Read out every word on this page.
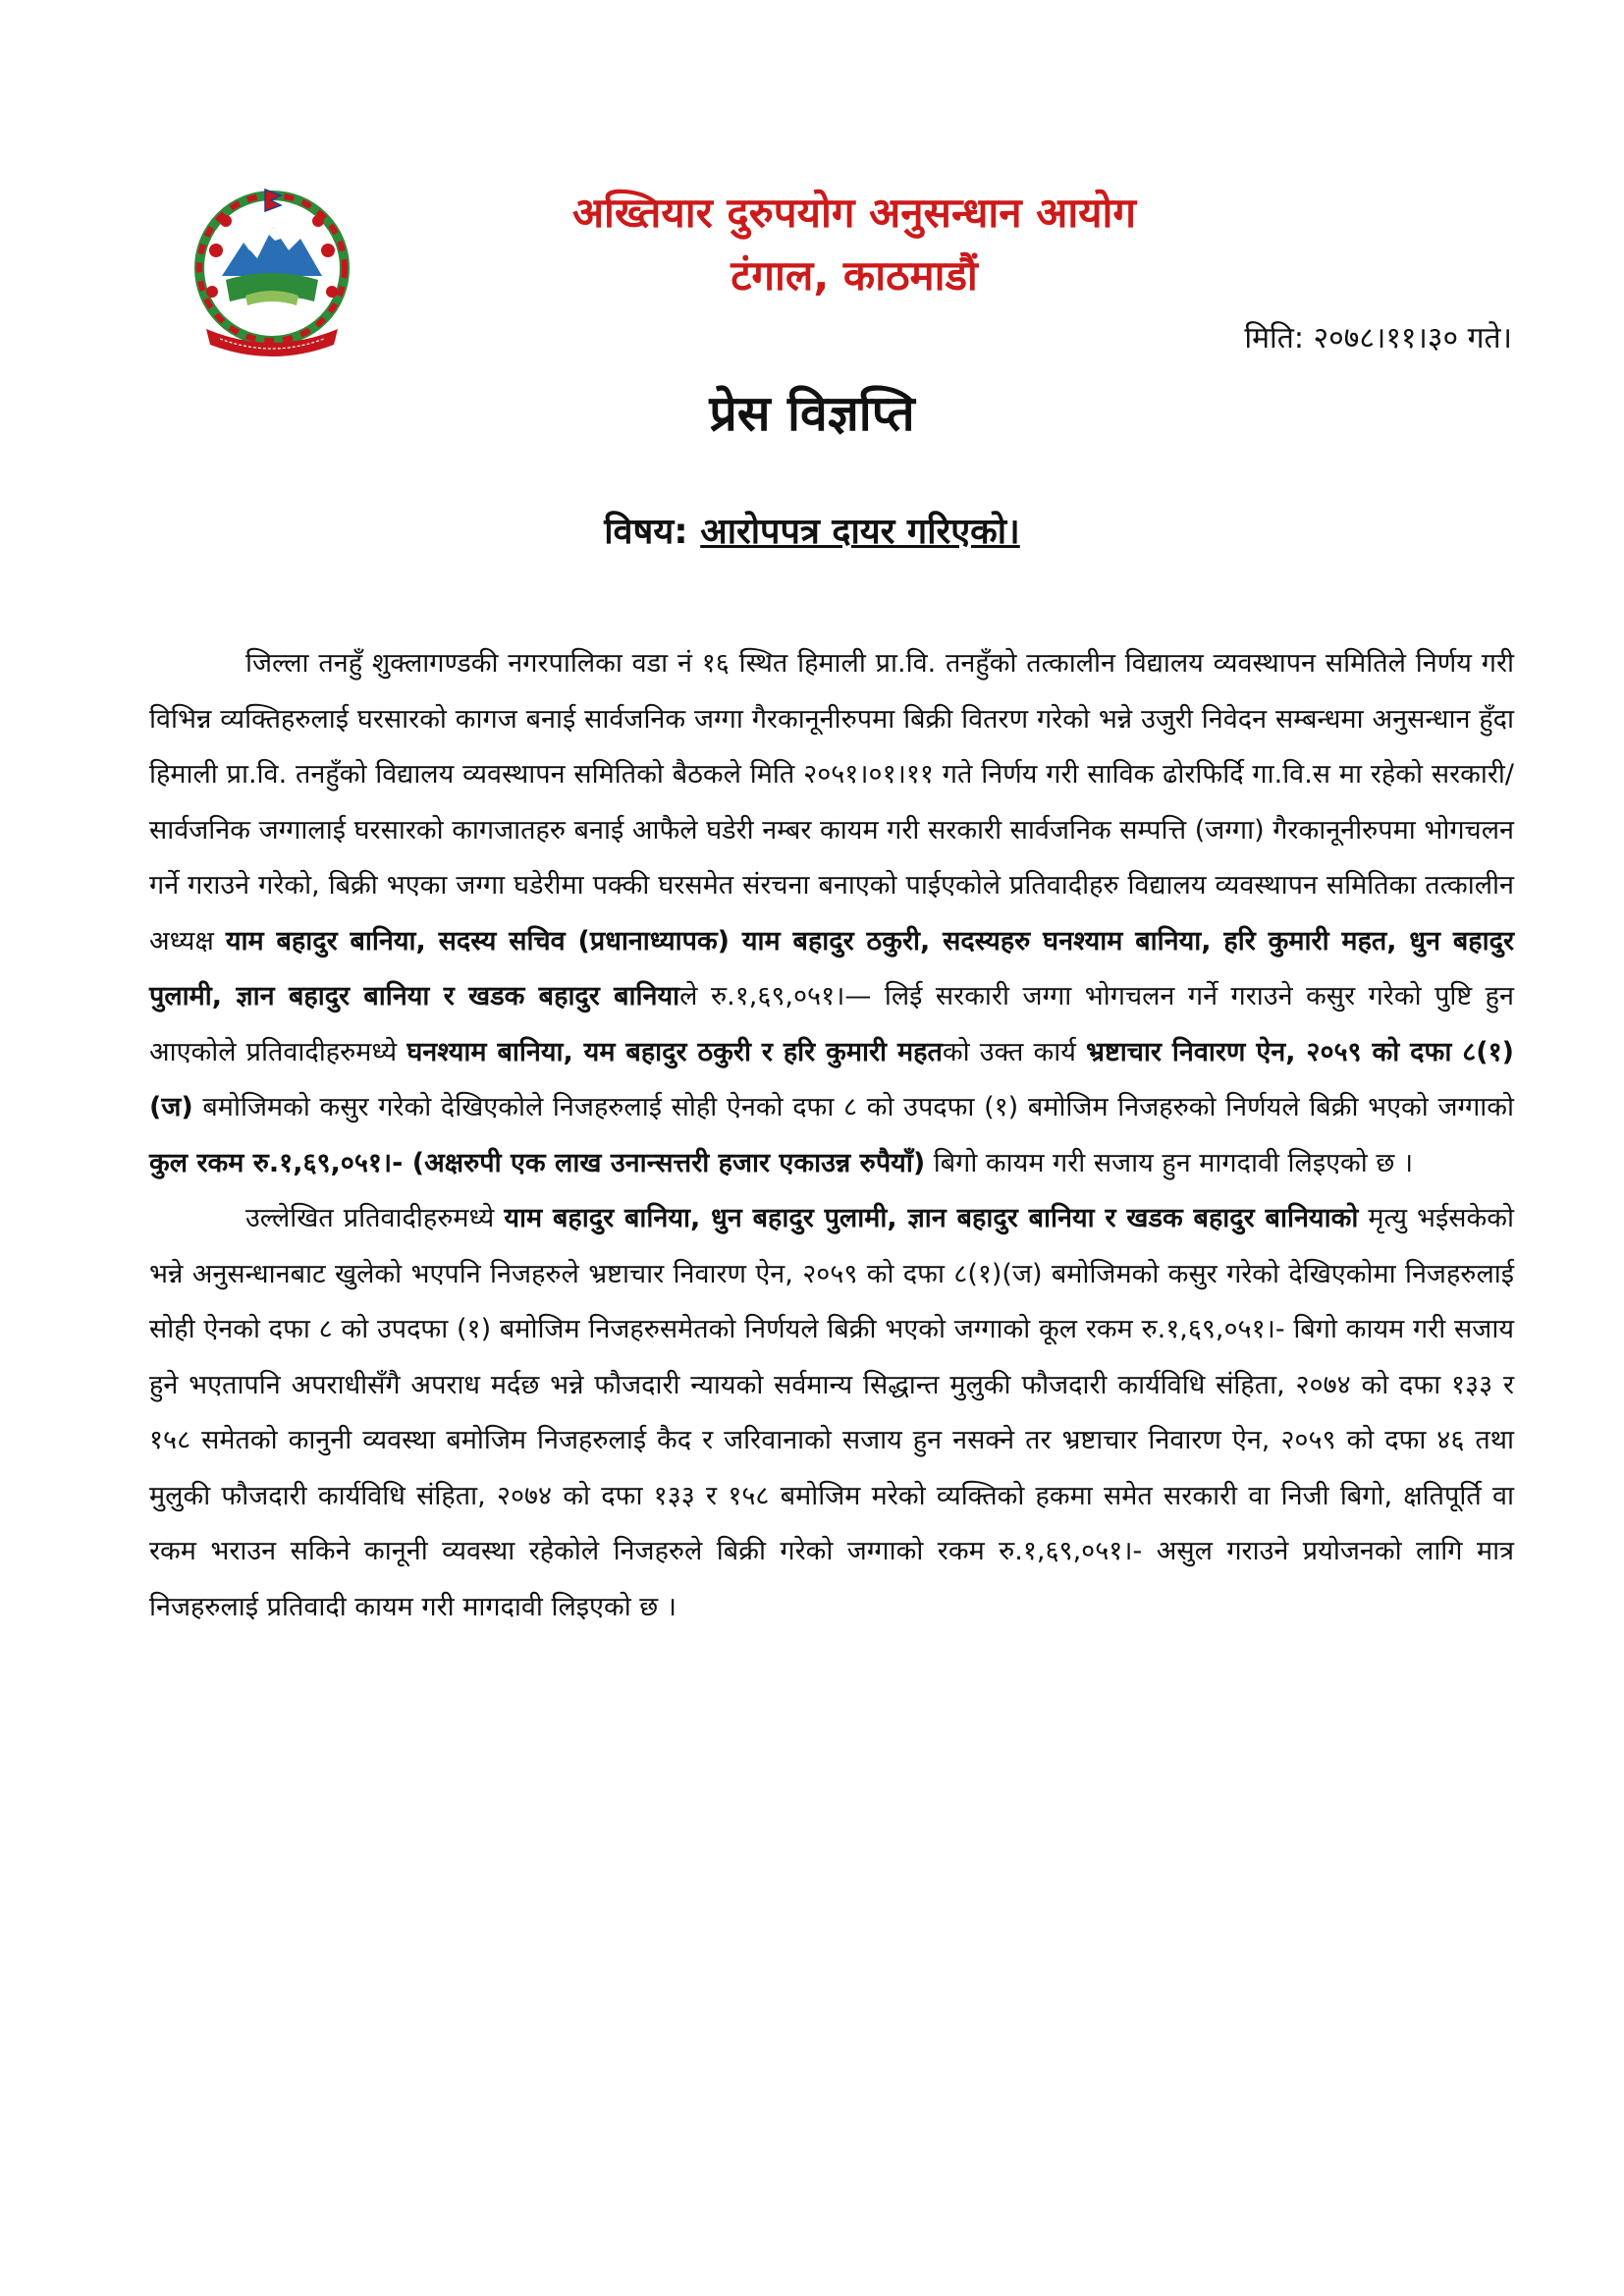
अख्तियार दुरुपयोग अनुसन्धान आयोग
टंगाल, काठमाडौं
मिति: २०७८।११।३० गते।
प्रेस विज्ञप्ति
विषय: आरोपपत्र दायर गरिएको।

जिल्ला तनहुँ शुक्लागण्डकी नगरपालिका वडा नं १६ स्थित हिमाली प्रा.वि. तनहुँको तत्कालीन विद्यालय व्यवस्थापन समितिले निर्णय गरी विभिन्न व्यक्तिहरुलाई घरसारको कागज बनाई सार्वजनिक जग्गा गैरकानूनीरुपमा बिक्री वितरण गरेको भन्ने उजुरी निवेदन सम्बन्धमा अनुसन्धान हुँदा हिमाली प्रा.वि. तनहुँको विद्यालय व्यवस्थापन समितिको बैठकले मिति २०५१।०१।११ गते निर्णय गरी साविक ढोरफिर्दि गा.वि.स मा रहेको सरकारी/सार्वजनिक जग्गालाई घरसारको कागजातहरु बनाई आफैले घडेरी नम्बर कायम गरी सरकारी सार्वजनिक सम्पत्ति (जग्गा) गैरकानूनीरुपमा भोगचलन गर्ने गराउने गरेको, बिक्री भएका जग्गा घडेरीमा पक्की घरसमेत संरचना बनाएको पाईएकोले प्रतिवादीहरु विद्यालय व्यवस्थापन समितिका तत्कालीन अध्यक्ष याम बहादुर बानिया, सदस्य सचिव (प्रधानाध्यापक) याम बहादुर ठकुरी, सदस्यहरु घनश्याम बानिया, हरि कुमारी महत, धुन बहादुर पुलामी, ज्ञान बहादुर बानिया र खडक बहादुर बानियाले रु.१,६९,०५१।— लिई सरकारी जग्गा भोगचलन गर्ने गराउने कसुर गरेको पुष्टि हुन आएकोले प्रतिवादीहरुमध्ये घनश्याम बानिया, यम बहादुर ठकुरी र हरि कुमारी महतको उक्त कार्य भ्रष्टाचार निवारण ऐन, २०५९ को दफा ८(१)(ज) बमोजिमको कसुर गरेको देखिएकोले निजहरुलाई सोही ऐनको दफा ८ को उपदफा (१) बमोजिम निजहरुको निर्णयले बिक्री भएको जग्गाको कुल रकम रु.१,६९,०५१।- (अक्षरुपी एक लाख उनान्सत्तरी हजार एकाउन्न रुपैयाँ) बिगो कायम गरी सजाय हुन मागदावी लिइएको छ ।

उल्लेखित प्रतिवादीहरुमध्ये याम बहादुर बानिया, धुन बहादुर पुलामी, ज्ञान बहादुर बानिया र खडक बहादुर बानियाको मृत्यु भईसकेको भन्ने अनुसन्धानबाट खुलेको भएपनि निजहरुले भ्रष्टाचार निवारण ऐन, २०५९ को दफा ८(१)(ज) बमोजिमको कसुर गरेको देखिएकोमा निजहरुलाई सोही ऐनको दफा ८ को उपदफा (१) बमोजिम निजहरुसमेतको निर्णयले बिक्री भएको जग्गाको कूल रकम रु.१,६९,०५१।- बिगो कायम गरी सजाय हुने भएतापनि अपराधीसँगै अपराध मर्दछ भन्ने फौजदारी न्यायको सर्वमान्य सिद्धान्त मुलुकी फौजदारी कार्यविधि संहिता, २०७४ को दफा १३३ र १५८ समेतको कानुनी व्यवस्था बमोजिम निजहरुलाई कैद र जरिवानाको सजाय हुन नसक्ने तर भ्रष्टाचार निवारण ऐन, २०५९ को दफा ४६ तथा मुलुकी फौजदारी कार्यविधि संहिता, २०७४ को दफा १३३ र १५८ बमोजिम मरेको व्यक्तिको हकमा समेत सरकारी वा निजी बिगो, क्षतिपूर्ति वा रकम भराउन सकिने कानूनी व्यवस्था रहेकोले निजहरुले बिक्री गरेको जग्गाको रकम रु.१,६९,०५१।- असुल गराउने प्रयोजनको लागि मात्र निजहरुलाई प्रतिवादी कायम गरी मागदावी लिइएको छ ।
